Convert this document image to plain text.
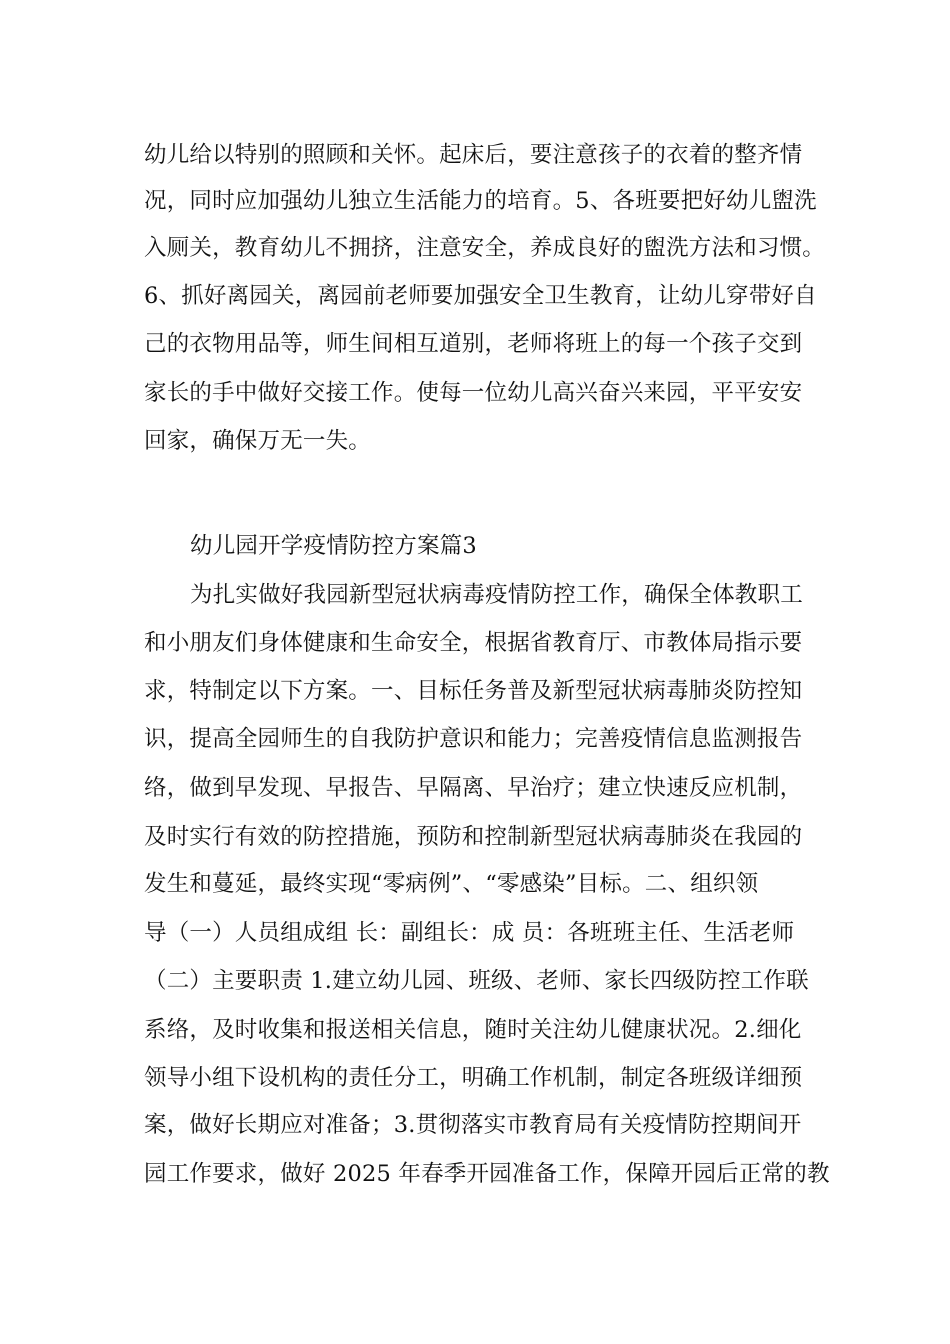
幼儿给以特别的照顾和关怀。起床后，要注意孩子的衣着的整齐情
况，同时应加强幼儿独立生活能力的培育。5、各班要把好幼儿盥洗
入厕关，教育幼儿不拥挤，注意安全，养成良好的盥洗方法和习惯。
6、抓好离园关，离园前老师要加强安全卫生教育，让幼儿穿带好自
己的衣物用品等，师生间相互道别，老师将班上的每一个孩子交到
家长的手中做好交接工作。使每一位幼儿高兴奋兴来园，平平安安
回家，确保万无一失。
幼儿园开学疫情防控方案篇3
为扎实做好我园新型冠状病毒疫情防控工作，确保全体教职工
和小朋友们身体健康和生命安全，根据省教育厅、市教体局指示要
求，特制定以下方案。一、目标任务普及新型冠状病毒肺炎防控知
识，提高全园师生的自我防护意识和能力；完善疫情信息监测报告
络，做到早发现、早报告、早隔离、早治疗；建立快速反应机制，
及时实行有效的防控措施，预防和控制新型冠状病毒肺炎在我园的
发生和蔓延，最终实现“零病例”、“零感染”目标。二、组织领
导（一）人员组成组 长：副组长：成 员：各班班主任、生活老师
（二）主要职责 1.建立幼儿园、班级、老师、家长四级防控工作联
系络，及时收集和报送相关信息，随时关注幼儿健康状况。2.细化
领导小组下设机构的责任分工，明确工作机制，制定各班级详细预
案，做好长期应对准备；3.贯彻落实市教育局有关疫情防控期间开
园工作要求，做好 2025 年春季开园准备工作，保障开园后正常的教
